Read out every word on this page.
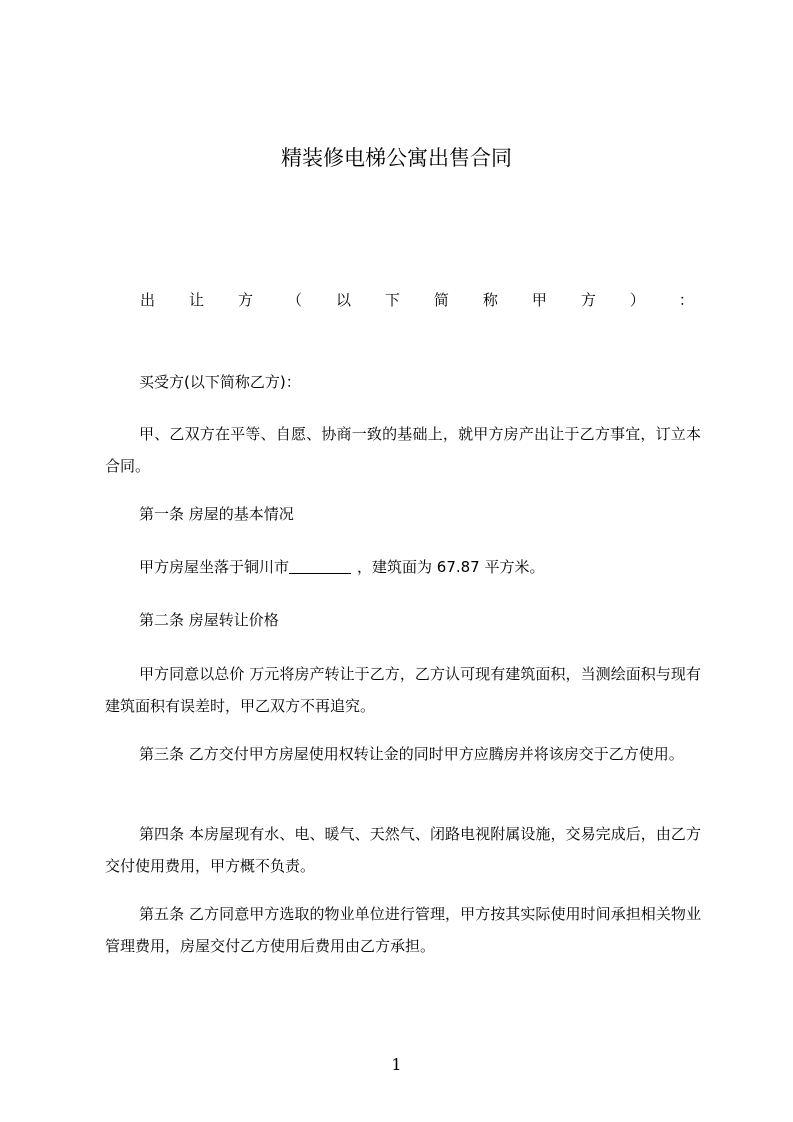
精装修电梯公寓出售合同
出 让 方 （ 以 下 简 称 甲 方 ） ：

买受方(以下简称乙方)：

甲、乙双方在平等、自愿、协商一致的基础上，就甲方房产出让于乙方事宜，订立本合同。

第一条 房屋的基本情况

甲方房屋坐落于铜川市	，建筑面为 67.87 平方米。

第二条 房屋转让价格

甲方同意以总价 万元将房产转让于乙方，乙方认可现有建筑面积，当测绘面积与现有建筑面积有误差时，甲乙双方不再追究。

第三条 乙方交付甲方房屋使用权转让金的同时甲方应腾房并将该房交于乙方使用。

第四条 本房屋现有水、电、暖气、天然气、闭路电视附属设施，交易完成后，由乙方交付使用费用，甲方概不负责。

第五条 乙方同意甲方选取的物业单位进行管理，甲方按其实际使用时间承担相关物业管理费用，房屋交付乙方使用后费用由乙方承担。

1
